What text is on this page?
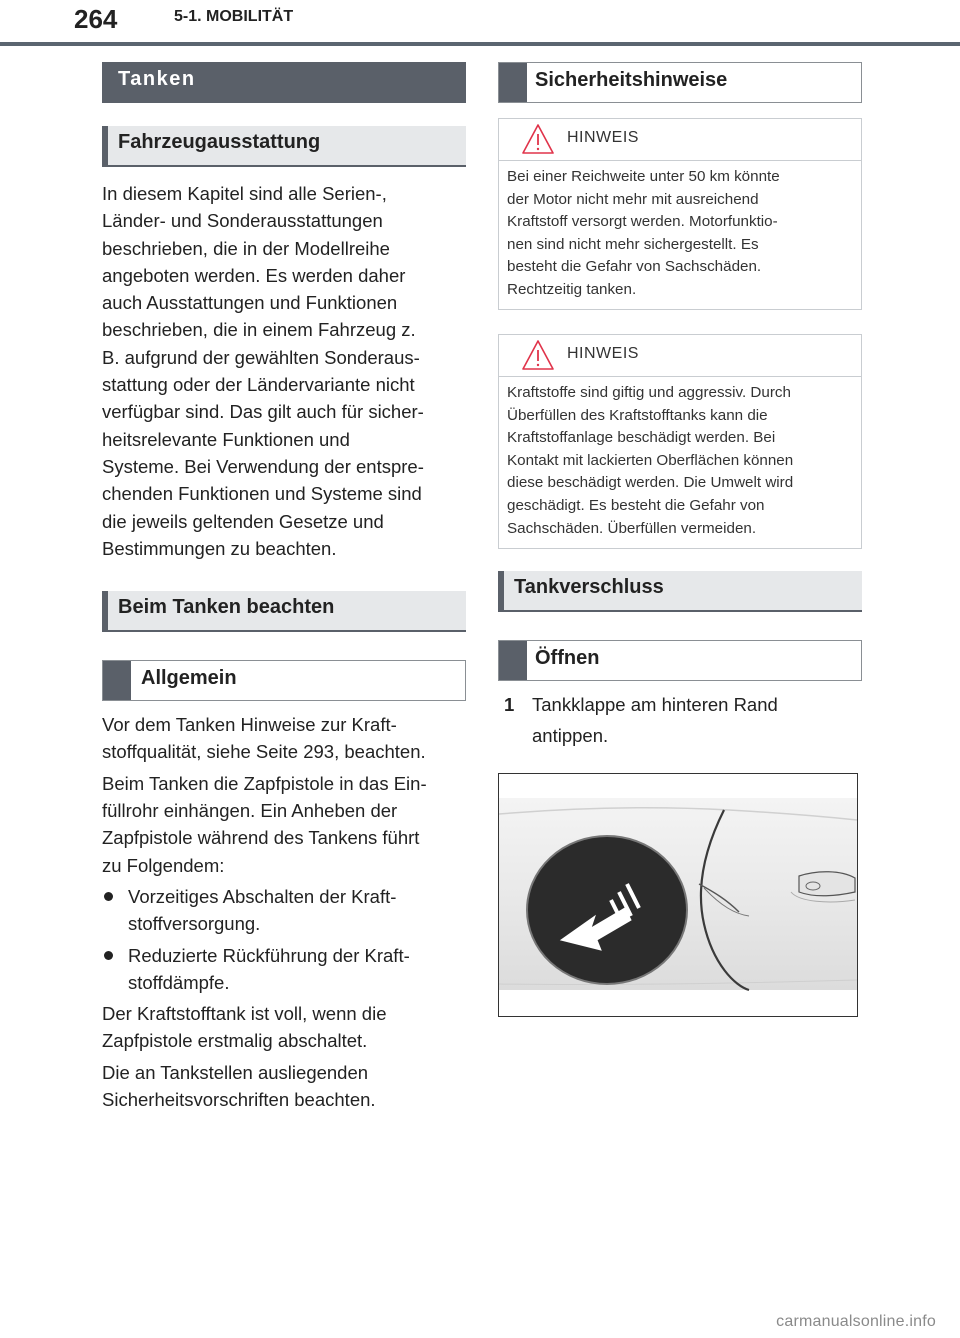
264	5-1. MOBILITÄT
Tanken
Fahrzeugausstattung

In diesem Kapitel sind alle Serien-,

Länder- und Sonderausstattungen

beschrieben, die in der Modellreihe

angeboten werden. Es werden daher

auch Ausstattungen und Funktionen

beschrieben, die in einem Fahrzeug z.

B. aufgrund der gewählten Sonderaus-

stattung oder der Ländervariante nicht

verfügbar sind. Das gilt auch für sicher-

heitsrelevante Funktionen und

Systeme. Bei Verwendung der entspre-

chenden Funktionen und Systeme sind

die jeweils geltenden Gesetze und

Bestimmungen zu beachten.

Beim Tanken beachten
Allgemein

Vor dem Tanken Hinweise zur Kraft-

stoffqualität, siehe Seite 293, beachten.

Beim Tanken die Zapfpistole in das Ein-

füllrohr einhängen. Ein Anheben der

Zapfpistole während des Tankens führt

zu Folgendem:

Vorzeitiges Abschalten der Kraft-
stoffversorgung.
Reduzierte Rückführung der Kraft-
stoffdämpfe.

Der Kraftstofftank ist voll, wenn die

Zapfpistole erstmalig abschaltet.

Die an Tankstellen ausliegenden

Sicherheitsvorschriften beachten.

Sicherheitshinweise
HINWEIS
Bei einer Reichweite unter 50 km könnte
der Motor nicht mehr mit ausreichend
Kraftstoff versorgt werden. Motorfunktio-
nen sind nicht mehr sichergestellt. Es
besteht die Gefahr von Sachschäden.
Rechtzeitig tanken.
HINWEIS
Kraftstoffe sind giftig und aggressiv. Durch
Überfüllen des Kraftstofftanks kann die
Kraftstoffanlage beschädigt werden. Bei
Kontakt mit lackierten Oberflächen können
diese beschädigt werden. Die Umwelt wird
geschädigt. Es besteht die Gefahr von
Sachschäden. Überfüllen vermeiden.
Tankverschluss
Öffnen
1 Tankklappe am hinteren Rand
antippen.
carmanualsonline.info
